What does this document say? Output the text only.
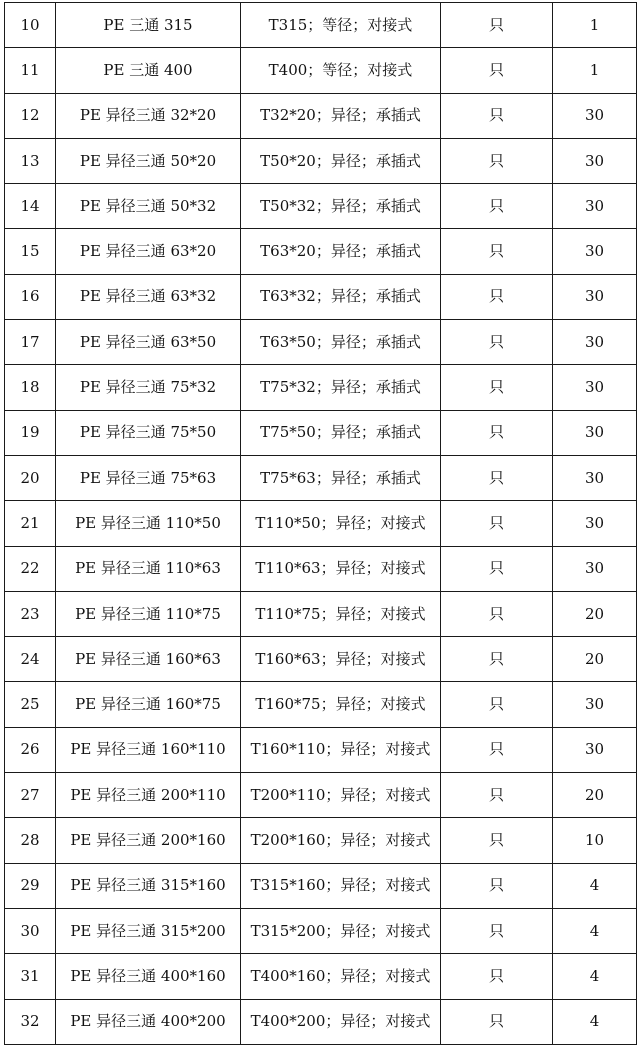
10	PE 三通 315	T315；等径；对接式	只	1
11	PE 三通 400	T400；等径；对接式	只	1
12	PE 异径三通 32*20	T32*20；异径；承插式	只	30
13	PE 异径三通 50*20	T50*20；异径；承插式	只	30
14	PE 异径三通 50*32	T50*32；异径；承插式	只	30
15	PE 异径三通 63*20	T63*20；异径；承插式	只	30
16	PE 异径三通 63*32	T63*32；异径；承插式	只	30
17	PE 异径三通 63*50	T63*50；异径；承插式	只	30
18	PE 异径三通 75*32	T75*32；异径；承插式	只	30
19	PE 异径三通 75*50	T75*50；异径；承插式	只	30
20	PE 异径三通 75*63	T75*63；异径；承插式	只	30
21	PE 异径三通 110*50	T110*50；异径；对接式	只	30
22	PE 异径三通 110*63	T110*63；异径；对接式	只	30
23	PE 异径三通 110*75	T110*75；异径；对接式	只	20
24	PE 异径三通 160*63	T160*63；异径；对接式	只	20
25	PE 异径三通 160*75	T160*75；异径；对接式	只	30
26	PE 异径三通 160*110	T160*110；异径；对接式	只	30
27	PE 异径三通 200*110	T200*110；异径；对接式	只	20
28	PE 异径三通 200*160	T200*160；异径；对接式	只	10
29	PE 异径三通 315*160	T315*160；异径；对接式	只	4
30	PE 异径三通 315*200	T315*200；异径；对接式	只	4
31	PE 异径三通 400*160	T400*160；异径；对接式	只	4
32	PE 异径三通 400*200	T400*200；异径；对接式	只	4
